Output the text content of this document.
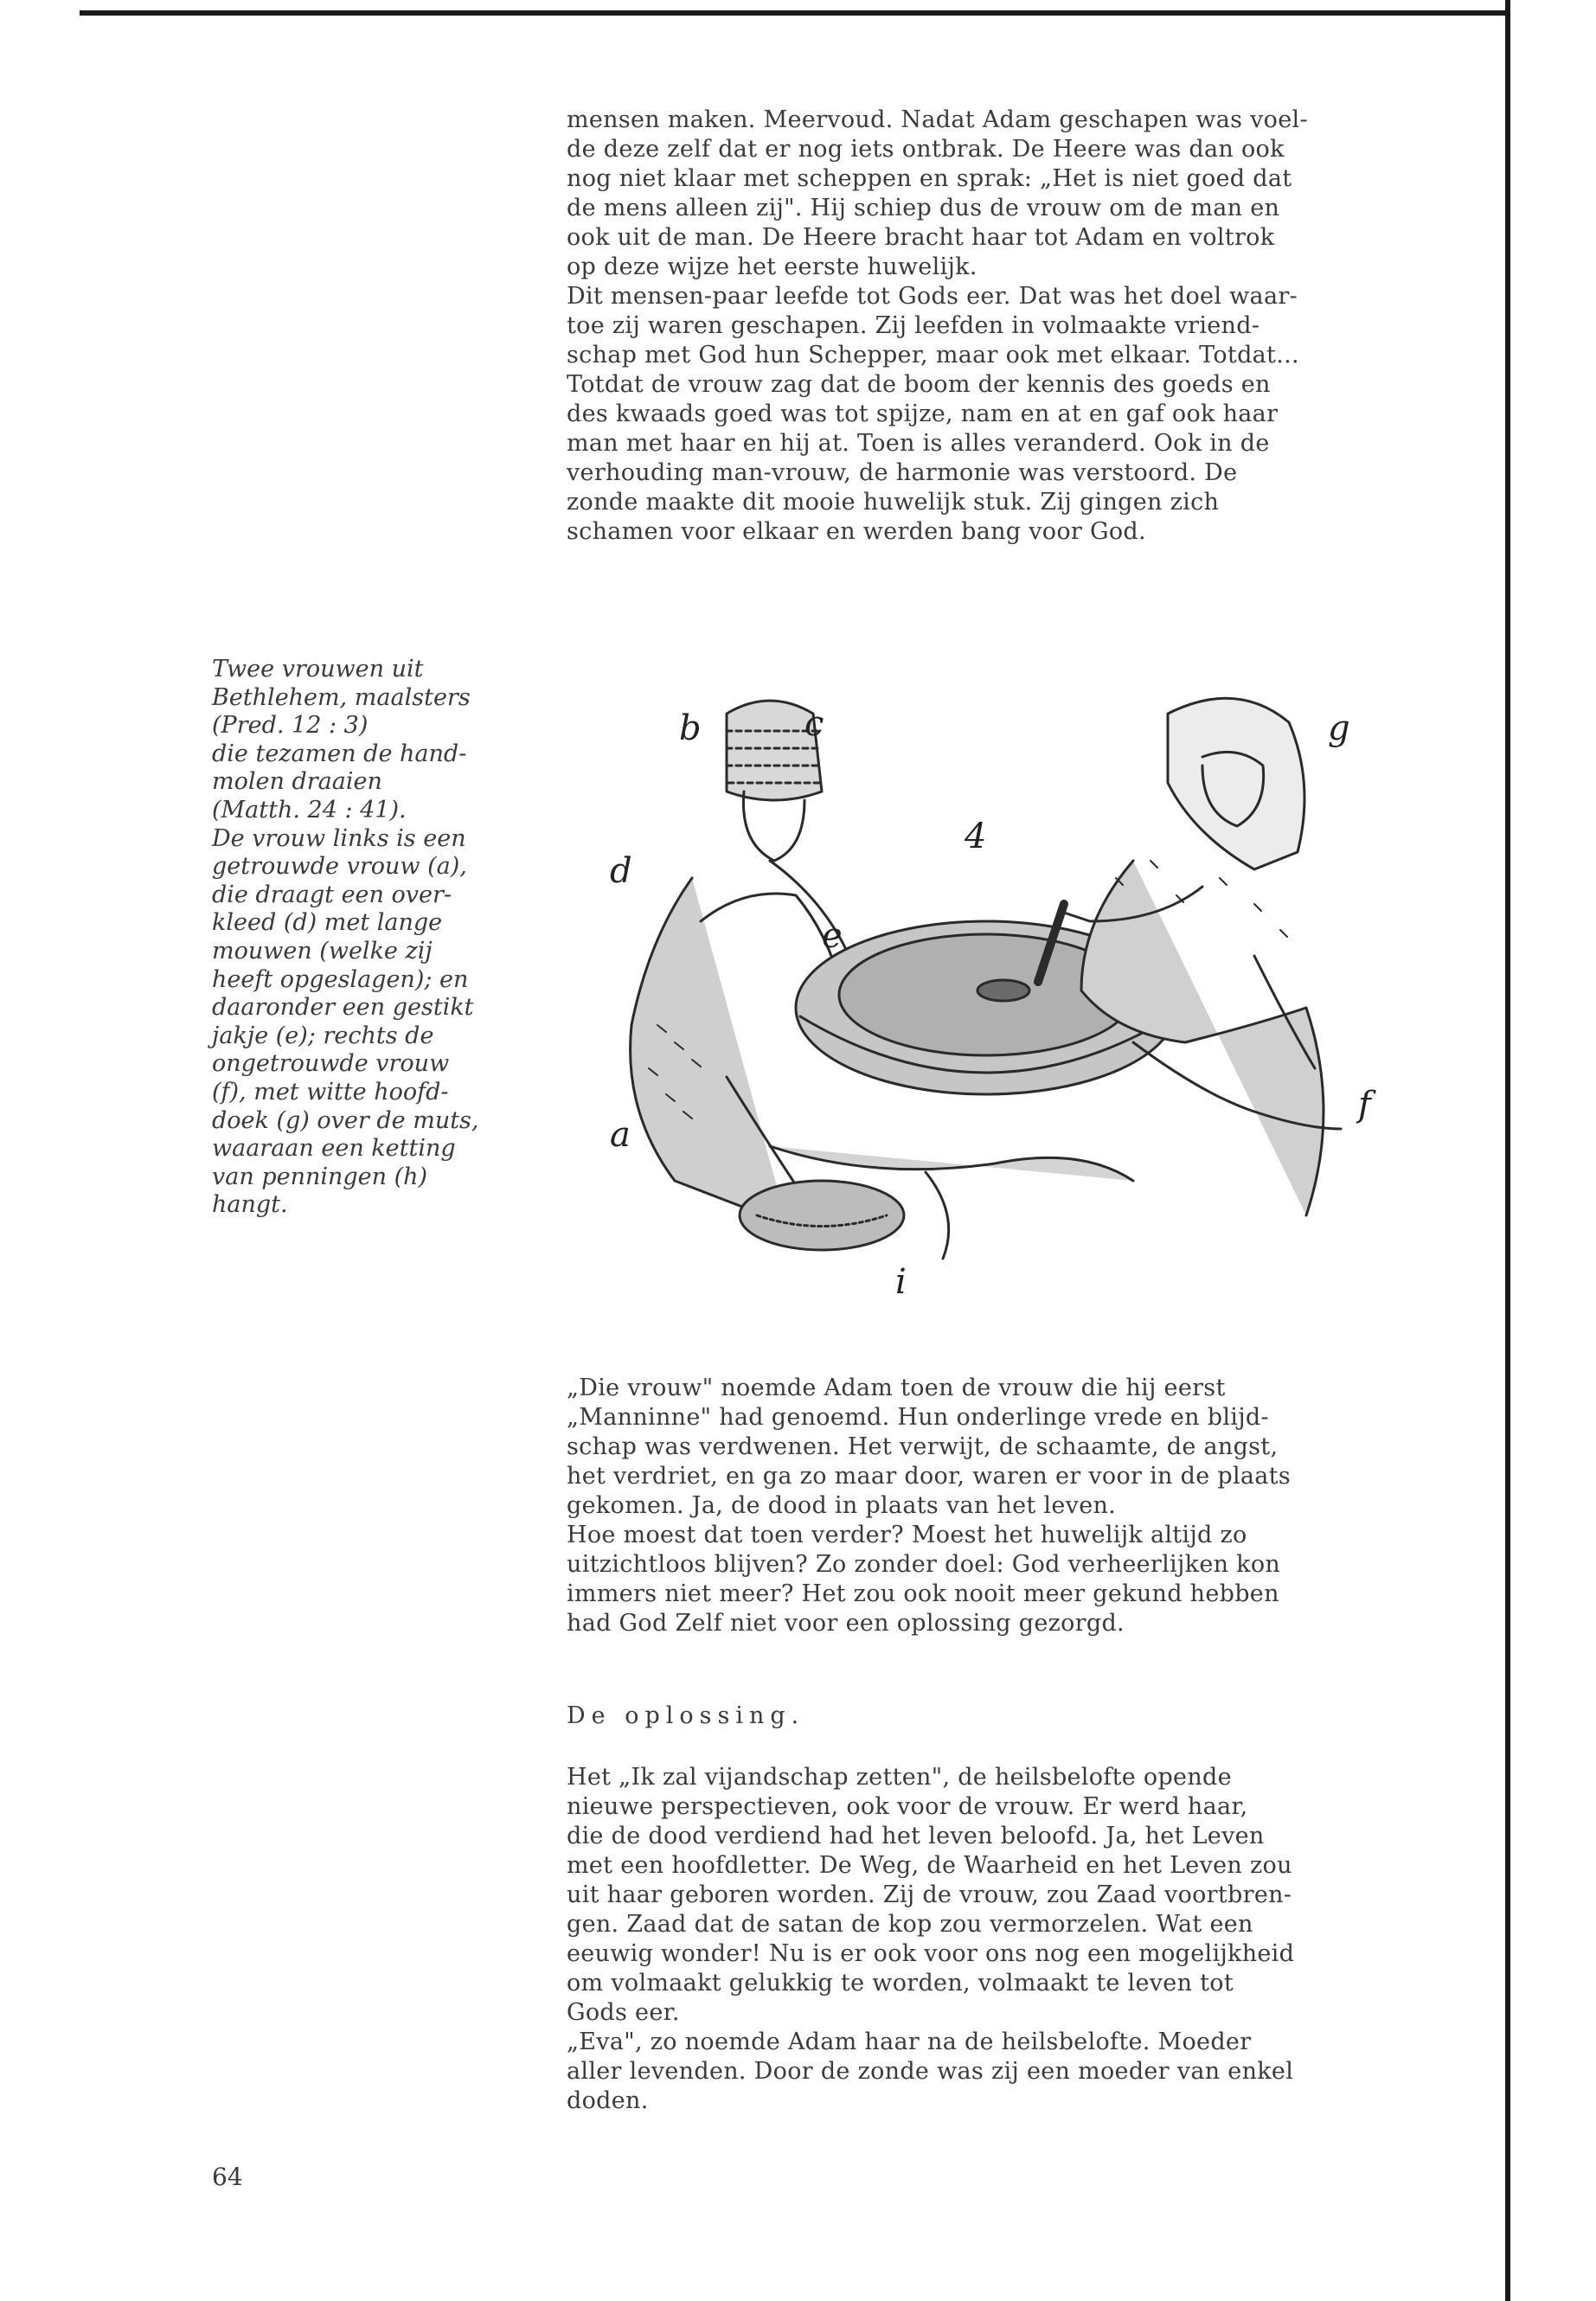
mensen maken. Meervoud. Nadat Adam geschapen was voel-
de deze zelf dat er nog iets ontbrak. De Heere was dan ook
nog niet klaar met scheppen en sprak: „Het is niet goed dat
de mens alleen zij". Hij schiep dus de vrouw om de man en
ook uit de man. De Heere bracht haar tot Adam en voltrok
op deze wijze het eerste huwelijk.

Dit mensen-paar leefde tot Gods eer. Dat was het doel waar-
toe zij waren geschapen. Zij leefden in volmaakte vriend-
schap met God hun Schepper, maar ook met elkaar. Totdat...
Totdat de vrouw zag dat de boom der kennis des goeds en
des kwaads goed was tot spijze, nam en at en gaf ook haar
man met haar en hij at. Toen is alles veranderd. Ook in de
verhouding man-vrouw, de harmonie was verstoord. De
zonde maakte dit mooie huwelijk stuk. Zij gingen zich
schamen voor elkaar en werden bang voor God.

Twee vrouwen uit
Bethlehem, maalsters
(Pred. 12 : 3)
die tezamen de hand-
molen draaien
(Matth. 24 : 41).
De vrouw links is een
getrouwde vrouw (a),
die draagt een over-
kleed (d) met lange
mouwen (welke zij
heeft opgeslagen); en
daaronder een gestikt
jakje (e); rechts de
ongetrouwde vrouw
(f), met witte hoofd-
doek (g) over de muts,
waaraan een ketting
van penningen (h)
hangt.
b	c	g
4
d
e
f
a
i

„Die vrouw" noemde Adam toen de vrouw die hij eerst
„Manninne" had genoemd. Hun onderlinge vrede en blijd-
schap was verdwenen. Het verwijt, de schaamte, de angst,
het verdriet, en ga zo maar door, waren er voor in de plaats
gekomen. Ja, de dood in plaats van het leven.

Hoe moest dat toen verder? Moest het huwelijk altijd zo
uitzichtloos blijven? Zo zonder doel: God verheerlijken kon
immers niet meer? Het zou ook nooit meer gekund hebben
had God Zelf niet voor een oplossing gezorgd.

De oplossing.

Het „Ik zal vijandschap zetten", de heilsbelofte opende
nieuwe perspectieven, ook voor de vrouw. Er werd haar,
die de dood verdiend had het leven beloofd. Ja, het Leven
met een hoofdletter. De Weg, de Waarheid en het Leven zou
uit haar geboren worden. Zij de vrouw, zou Zaad voortbren-
gen. Zaad dat de satan de kop zou vermorzelen. Wat een
eeuwig wonder! Nu is er ook voor ons nog een mogelijkheid
om volmaakt gelukkig te worden, volmaakt te leven tot
Gods eer.

„Eva", zo noemde Adam haar na de heilsbelofte. Moeder
aller levenden. Door de zonde was zij een moeder van enkel
doden.

64
